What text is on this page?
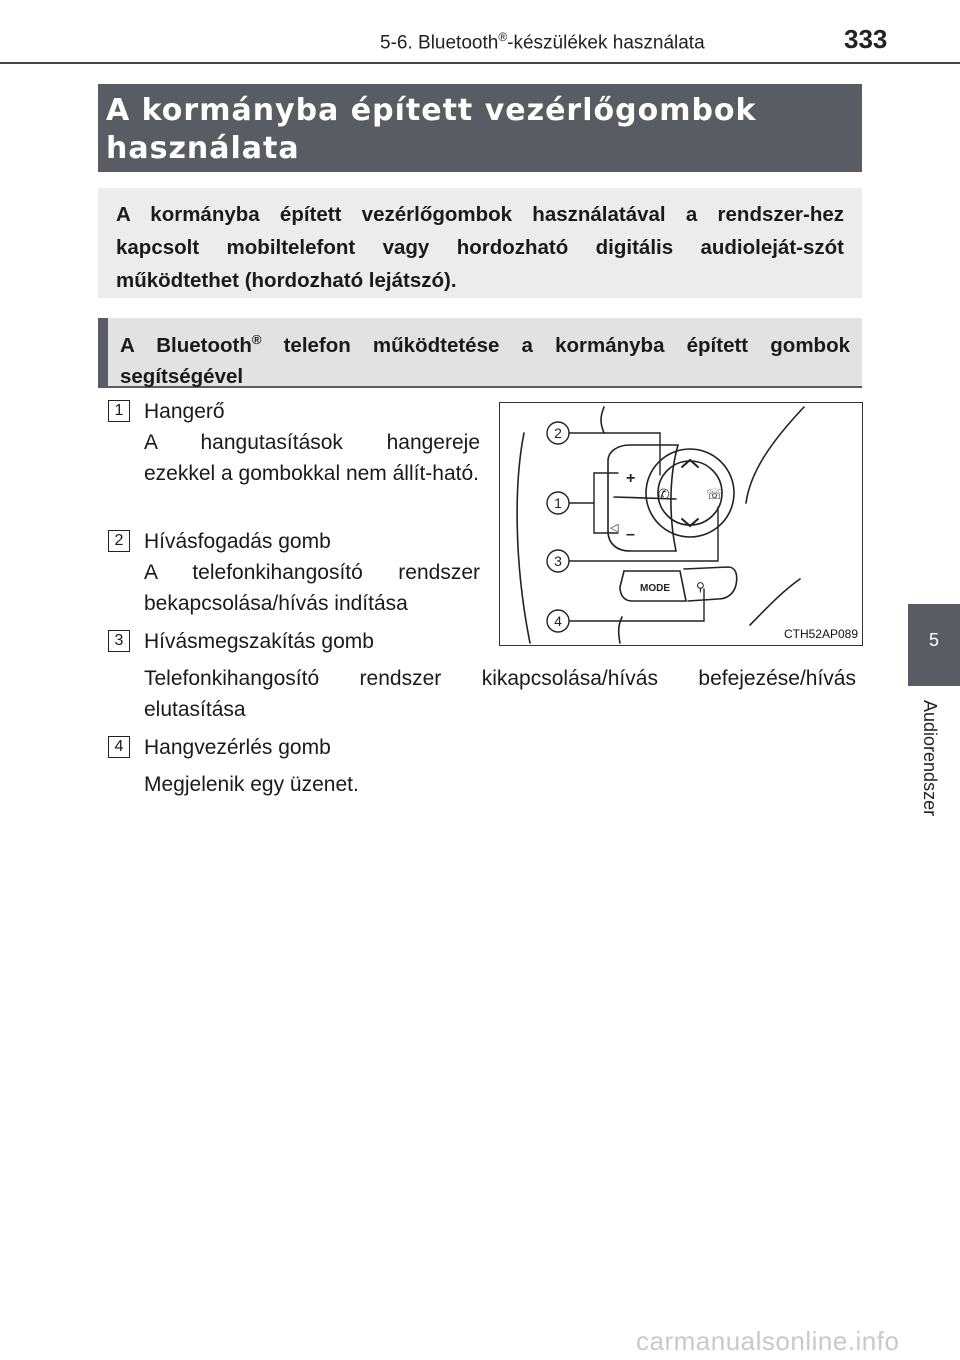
5-6. Bluetooth®-készülékek használata	333

A kormányba épített vezérlőgombok
használata

A kormányba épített vezérlőgombok használatával a rendszer-hez kapcsolt mobiltelefont vagy hordozható digitális audioleját-szót működtethet (hordozható lejátszó).

A Bluetooth® telefon működtetése a kormányba épített gombok segítségével

1 Hangerő
A hangutasítások hangereje ezekkel a gombokkal nem állít-ható.
2 Hívásfogadás gomb
A telefonkihangosító rendszer bekapcsolása/hívás indítása
3 Hívásmegszakítás gomb
Telefonkihangosító rendszer kikapcsolása/hívás befejezése/hívás elutasítása
4 Hangvezérlés gomb
Megjelenik egy üzenet.
✆	☏
+
–
◁
MODE ⚲
2
1
3
4
CTH52AP089	5
Audiorendszer
carmanualsonline.info
